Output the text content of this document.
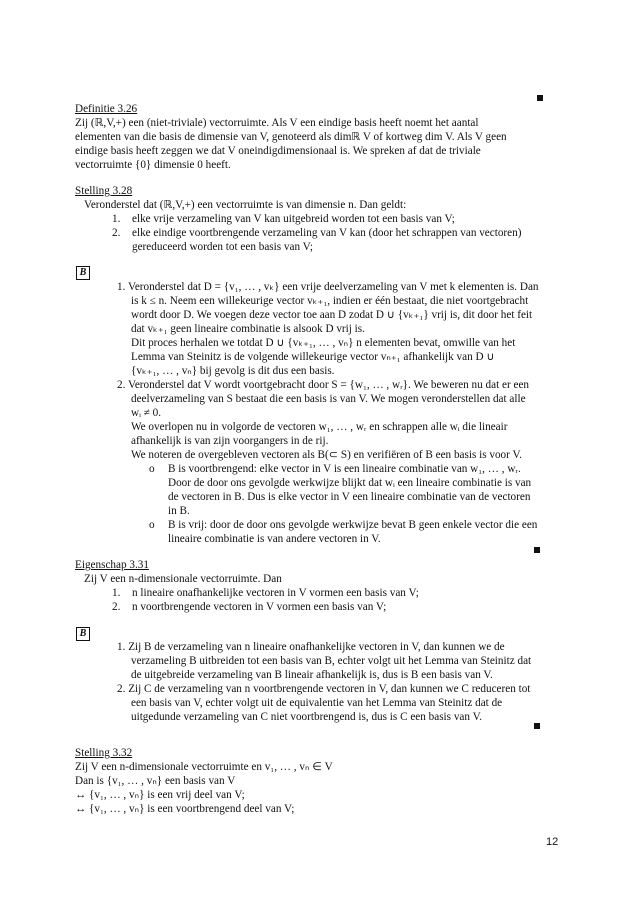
Definitie 3.26
Zij (ℝ,V,+) een (niet-triviale) vectorruimte. Als V een eindige basis heeft noemt het aantal
elementen van die basis de dimensie van V, genoteerd als dimℝ V of kortweg dim V. Als V geen
eindige basis heeft zeggen we dat V oneindigdimensionaal is. We spreken af dat de triviale
vectorruimte {0} dimensie 0 heeft.
Stelling 3.28
Veronderstel dat (ℝ,V,+) een vectorruimte is van dimensie n. Dan geldt:
1. elke vrije verzameling van V kan uitgebreid worden tot een basis van V;
2. elke eindige voortbrengende verzameling van V kan (door het schrappen van vectoren)
gereduceerd worden tot een basis van V;
B
1. Veronderstel dat D = {v₁, … , vₖ} een vrije deelverzameling van V met k elementen is. Dan
is k ≤ n. Neem een willekeurige vector vₖ₊₁, indien er één bestaat, die niet voortgebracht
wordt door D. We voegen deze vector toe aan D zodat D ∪ {vₖ₊₁} vrij is, dit door het feit
dat vₖ₊₁ geen lineaire combinatie is alsook D vrij is.
Dit proces herhalen we totdat D ∪ {vₖ₊₁, … , vₙ} n elementen bevat, omwille van het
Lemma van Steinitz is de volgende willekeurige vector vₙ₊₁ afhankelijk van D ∪
{vₖ₊₁, … , vₙ} bij gevolg is dit dus een basis.
2. Veronderstel dat V wordt voortgebracht door S = {w₁, … , wᵣ}. We beweren nu dat er een
deelverzameling van S bestaat die een basis is van V. We mogen veronderstellen dat alle
wᵢ ≠ 0.
We overlopen nu in volgorde de vectoren w₁, … , wᵣ en schrappen alle wᵢ die lineair
afhankelijk is van zijn voorgangers in de rij.
We noteren de overgebleven vectoren als B(⊂ S) en verifiëren of B een basis is voor V.
o B is voortbrengend: elke vector in V is een lineaire combinatie van w₁, … , wᵣ.
Door de door ons gevolgde werkwijze blijkt dat wᵢ een lineaire combinatie is van
de vectoren in B. Dus is elke vector in V een lineaire combinatie van de vectoren
in B.
o B is vrij: door de door ons gevolgde werkwijze bevat B geen enkele vector die een
lineaire combinatie is van andere vectoren in V.
Eigenschap 3.31
Zij V een n-dimensionale vectorruimte. Dan
1. n lineaire onafhankelijke vectoren in V vormen een basis van V;
2. n voortbrengende vectoren in V vormen een basis van V;
B
1. Zij B de verzameling van n lineaire onafhankelijke vectoren in V, dan kunnen we de
verzameling B uitbreiden tot een basis van B, echter volgt uit het Lemma van Steinitz dat
de uitgebreide verzameling van B lineair afhankelijk is, dus is B een basis van V.
2. Zij C de verzameling van n voortbrengende vectoren in V, dan kunnen we C reduceren tot
een basis van V, echter volgt uit de equivalentie van het Lemma van Steinitz dat de
uitgedunde verzameling van C niet voortbrengend is, dus is C een basis van V.
Stelling 3.32
Zij V een n-dimensionale vectorruimte en v₁, … , vₙ ∈ V
Dan is {v₁, … , vₙ} een basis van V
↔ {v₁, … , vₙ} is een vrij deel van V;
↔ {v₁, … , vₙ} is een voortbrengend deel van V;
12
